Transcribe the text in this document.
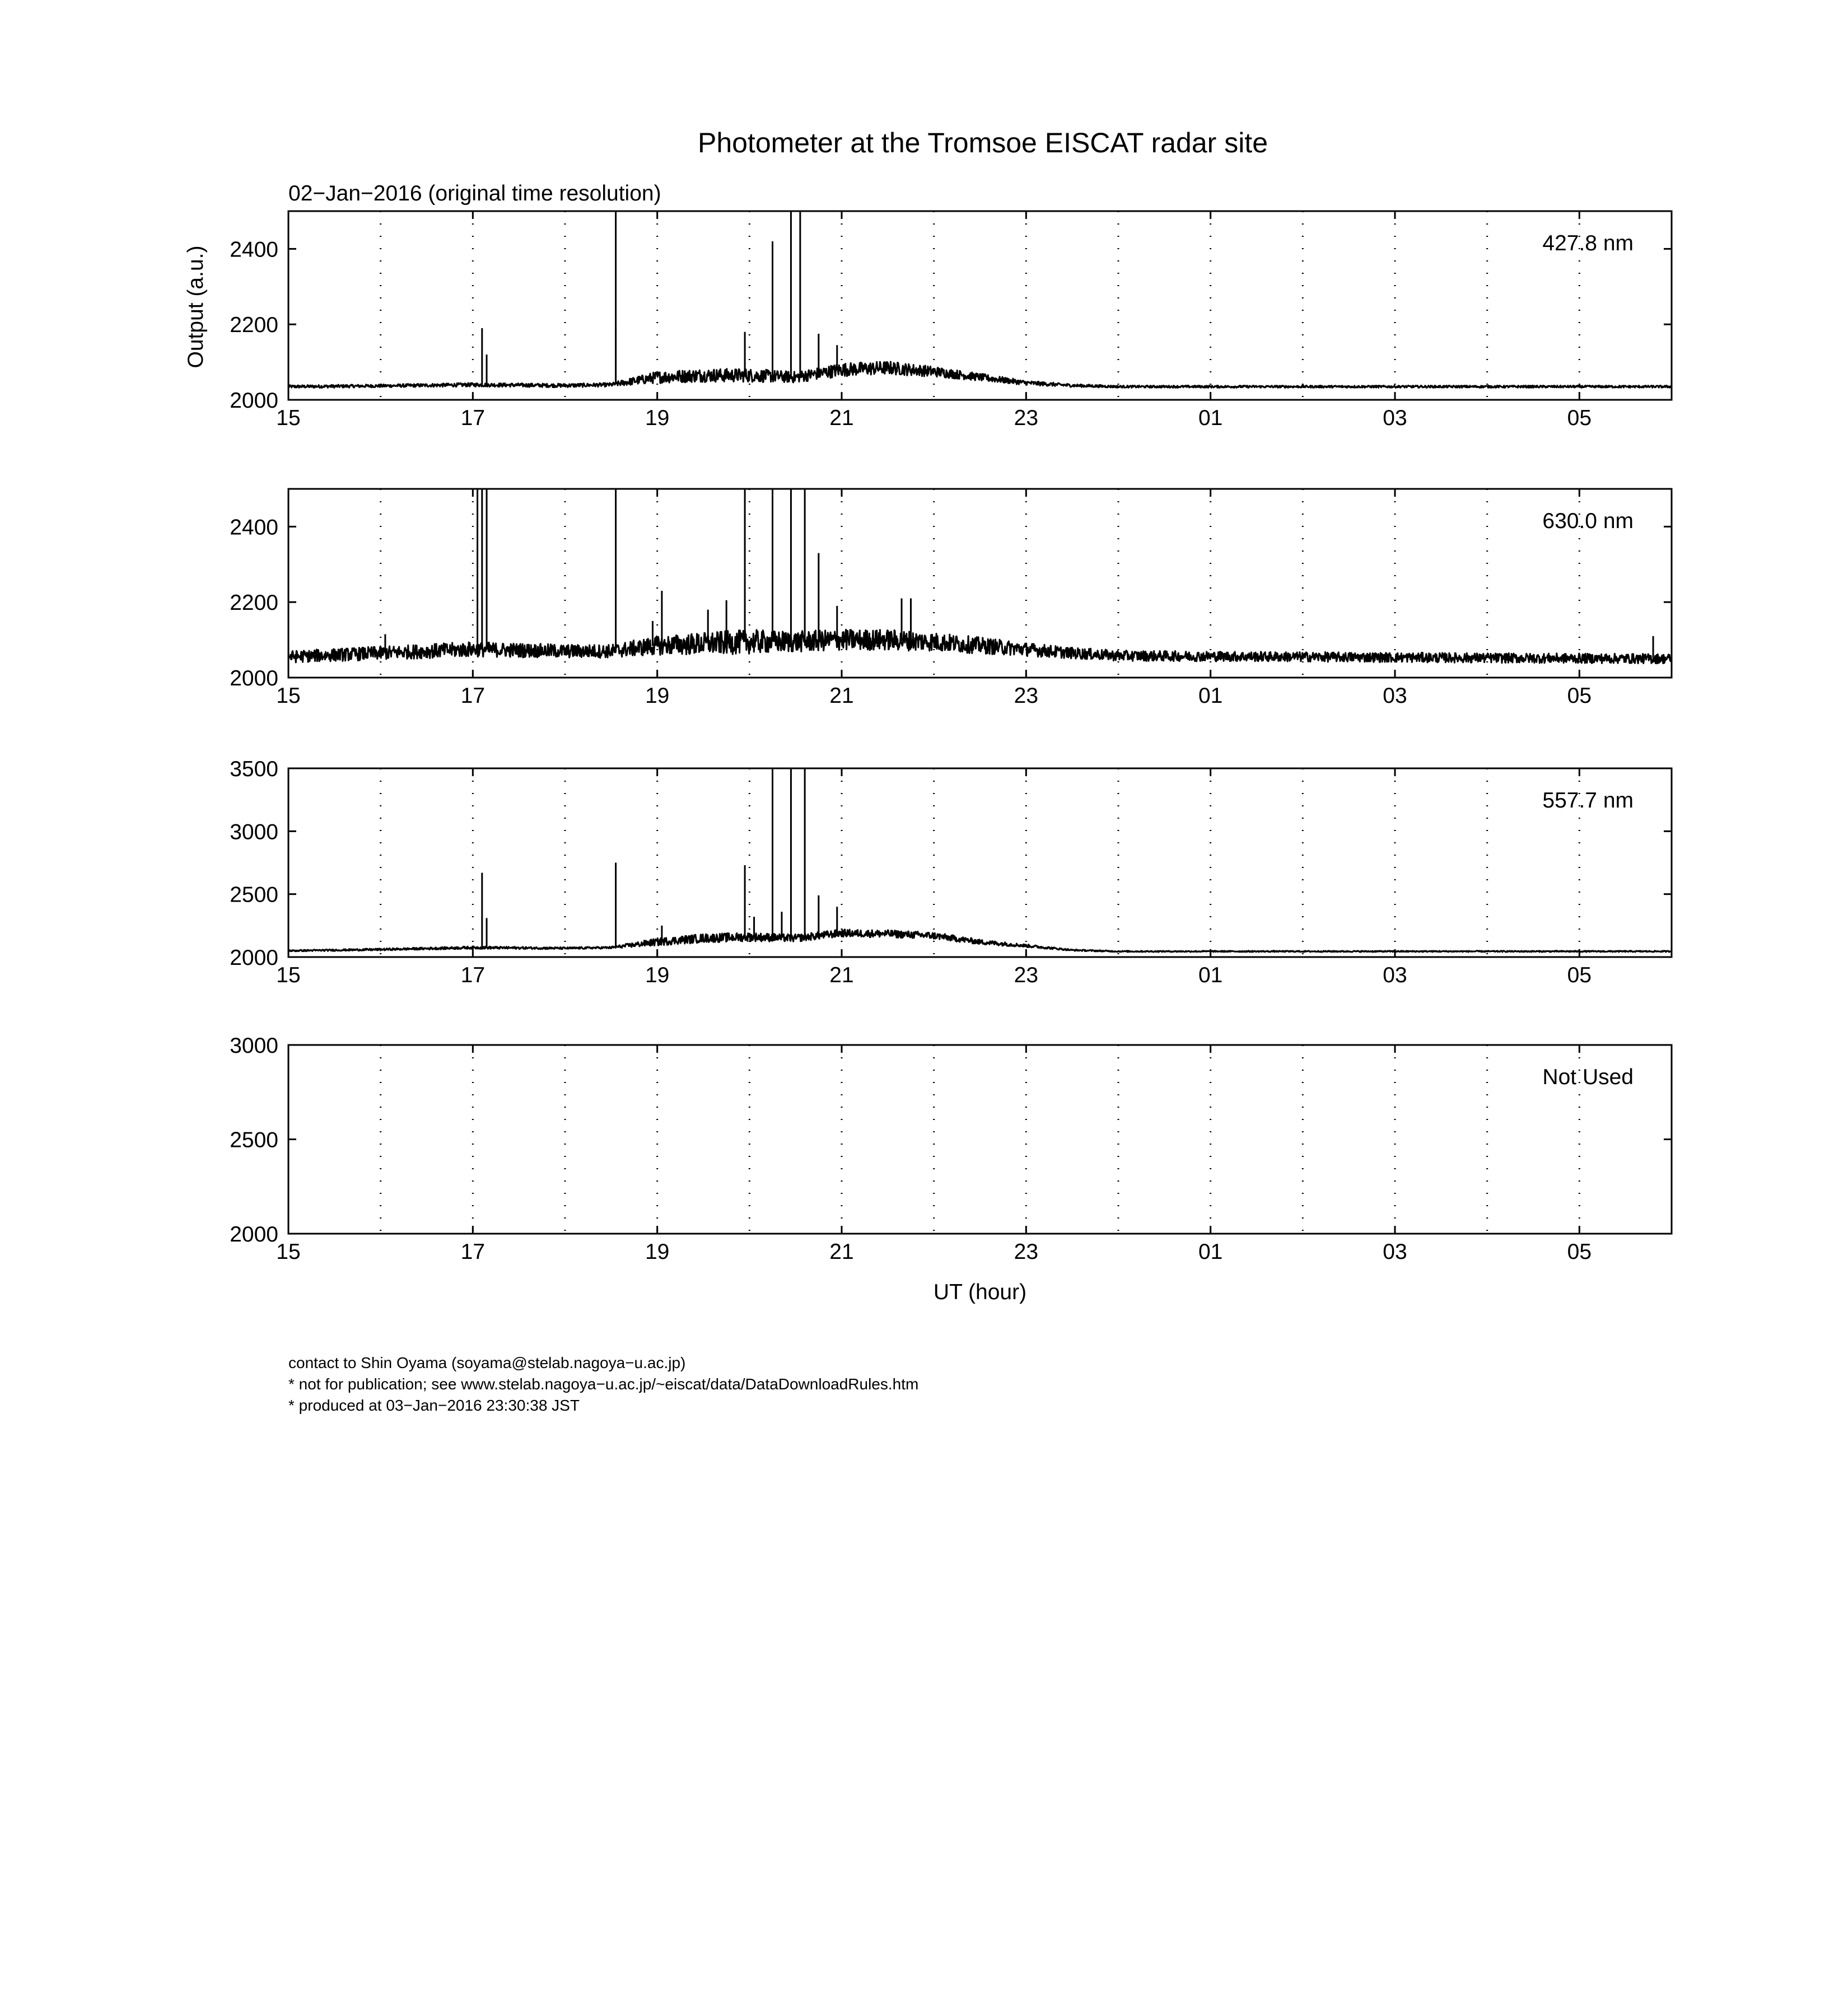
Photometer at the Tromsoe EISCAT radar site
02−Jan−2016 (original time resolution)
Output (a.u.)
UT (hour)
15	17	19	21	23	01	03	05
2000
2200
2400	427.8 nm
15	17	19	21	23	01	03	05
2000
2200
2400	630.0 nm
15	17	19	21	23	01	03	05
2000
2500
3000
3500
557.7 nm
15	17	19	21	23	01	03	05
2000
2500
3000
Not Used
contact to Shin Oyama (soyama@stelab.nagoya−u.ac.jp)
* not for publication; see www.stelab.nagoya−u.ac.jp/~eiscat/data/DataDownloadRules.htm
* produced at 03−Jan−2016 23:30:38 JST
